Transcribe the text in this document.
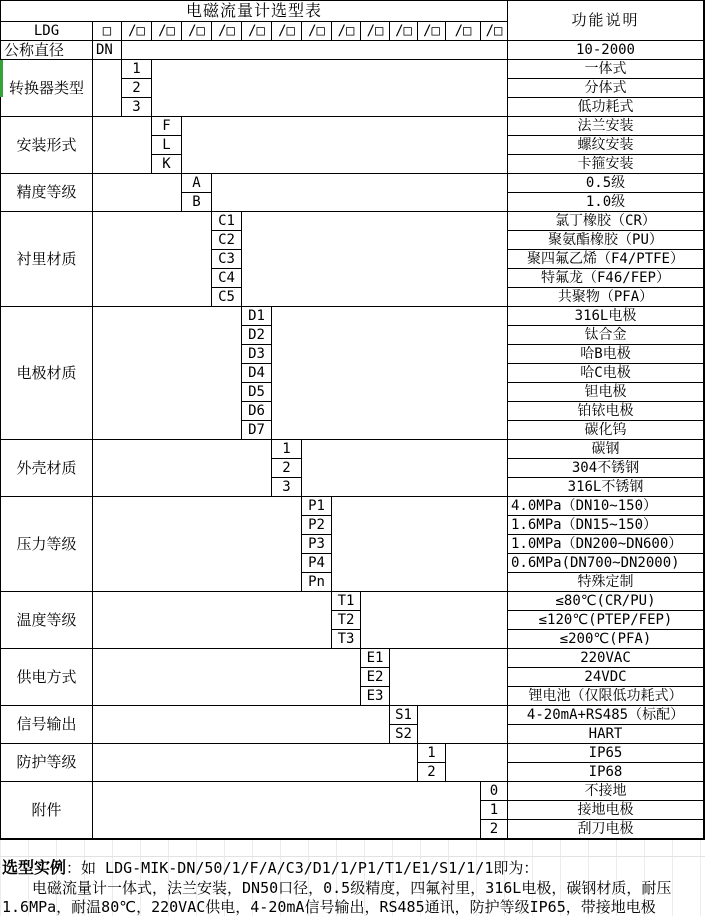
电磁流量计选型表	功能说明
LDG	□	/□ /□ /□ /□ /□ /□ /□ /□ /□ /□ /□	/□	/□
公称直径	DN	10-2000
转换器类型
1	一体式
2	分体式
3	低功耗式
安装形式
F	法兰安装
L	螺纹安装
K	卡箍安装
精度等级	A	0.5级
B	1.0级
衬里材质
C1	氯丁橡胶（CR）
C2	聚氨酯橡胶（PU）
C3	聚四氟乙烯（F4/PTFE）
C4	特氟龙（F46/FEP）
C5	共聚物（PFA）
电极材质
D1	316L电极
D2	钛合金
D3	哈B电极
D4	哈C电极
D5	钽电极
D6	铂铱电极
D7	碳化钨
外壳材质
1	碳钢
2	304不锈钢
3	316L不锈钢
压力等级
P1	4.0MPa（DN10~150）
P2	1.6MPa（DN15~150）
P3	1.0MPa（DN200~DN600）
P4	0.6MPa(DN700~DN2000)
Pn	特殊定制
温度等级
T1	≤80℃(CR/PU)
T2	≤120℃(PTEP/FEP)
T3	≤200℃(PFA)
供电方式
E1	220VAC
E2	24VDC
E3	锂电池（仅限低功耗式）
信号输出	S1	4-20mA+RS485（标配）
S2	HART
防护等级	1	IP65
2	IP68
附件
0	不接地
1	接地电极
2	刮刀电极
选型实例：如 LDG-MIK-DN/50/1/F/A/C3/D1/1/P1/T1/E1/S1/1/1即为：
　　电磁流量计一体式，法兰安装，DN50口径，0.5级精度，四氟衬里，316L电极，碳钢材质，耐压
1.6MPa，耐温80℃，220VAC供电，4-20mA信号输出，RS485通讯，防护等级IP65，带接地电极
